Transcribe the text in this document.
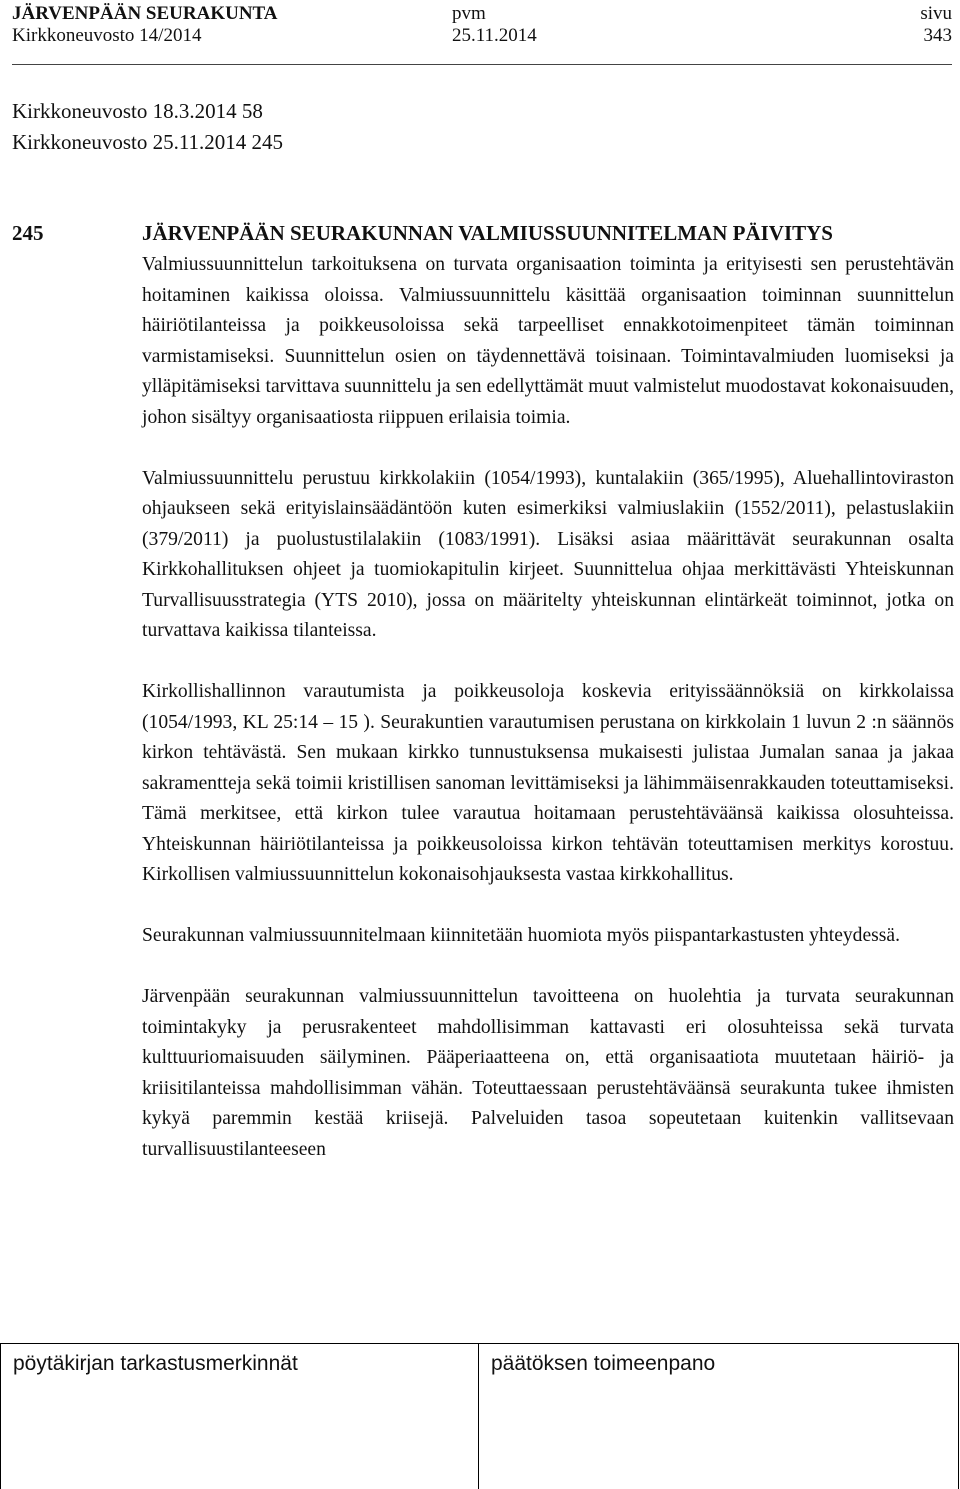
JÄRVENPÄÄN SEURAKUNTA	pvm	sivu
Kirkkoneuvosto 14/2014	25.11.2014	343
Kirkkoneuvosto 18.3.2014 58
Kirkkoneuvosto 25.11.2014 245
245	JÄRVENPÄÄN SEURAKUNNAN VALMIUSSUUNNITELMAN PÄIVITYS

Valmiussuunnittelun tarkoituksena on turvata organisaation toiminta ja erityisesti sen perustehtävän hoitaminen kaikissa oloissa. Valmiussuunnittelu käsittää organisaation toiminnan suunnittelun häiriötilanteissa ja poikkeusoloissa sekä tarpeelliset ennakkotoimenpiteet tämän toiminnan varmistamiseksi. Suunnittelun osien on täydennettävä toisinaan. Toimintavalmiuden luomiseksi ja ylläpitämiseksi tarvittava suunnittelu ja sen edellyttämät muut valmistelut muodostavat kokonaisuuden, johon sisältyy organisaatiosta riippuen erilaisia toimia.

Valmiussuunnittelu perustuu kirkkolakiin (1054/1993), kuntalakiin (365/1995), Aluehallintoviraston ohjaukseen sekä erityislainsäädäntöön kuten esimerkiksi valmiuslakiin (1552/2011), pelastuslakiin (379/2011) ja puolustustilalakiin (1083/1991). Lisäksi asiaa määrittävät seurakunnan osalta Kirkkohallituksen ohjeet ja tuomiokapitulin kirjeet. Suunnittelua ohjaa merkittävästi Yhteiskunnan Turvallisuusstrategia (YTS 2010), jossa on määritelty yhteiskunnan elintärkeät toiminnot, jotka on turvattava kaikissa tilanteissa.

Kirkollishallinnon varautumista ja poikkeusoloja koskevia erityissäännöksiä on kirkkolaissa (1054/1993, KL 25:14 – 15 ). Seurakuntien varautumisen perustana on kirkkolain 1 luvun 2 :n säännös kirkon tehtävästä. Sen mukaan kirkko tunnustuksensa mukaisesti julistaa Jumalan sanaa ja jakaa sakramentteja sekä toimii kristillisen sanoman levittämiseksi ja lähimmäisenrakkauden toteuttamiseksi. Tämä merkitsee, että kirkon tulee varautua hoitamaan perustehtäväänsä kaikissa olosuhteissa. Yhteiskunnan häiriötilanteissa ja poikkeusoloissa kirkon tehtävän toteuttamisen merkitys korostuu. Kirkollisen valmiussuunnittelun kokonaisohjauksesta vastaa kirkkohallitus.

Seurakunnan valmiussuunnitelmaan kiinnitetään huomiota myös piispantarkastusten yhteydessä.

Järvenpään seurakunnan valmiussuunnittelun tavoitteena on huolehtia ja turvata seurakunnan toimintakyky ja perusrakenteet mahdollisimman kattavasti eri olosuhteissa sekä turvata kulttuuriomaisuuden säilyminen. Pääperiaatteena on, että organisaatiota muutetaan häiriö- ja kriisitilanteissa mahdollisimman vähän. Toteuttaessaan perustehtäväänsä seurakunta tukee ihmisten kykyä paremmin kestää kriisejä. Palveluiden tasoa sopeutetaan kuitenkin vallitsevaan turvallisuustilanteeseen

pöytäkirjan tarkastusmerkinnät	päätöksen toimeenpano
